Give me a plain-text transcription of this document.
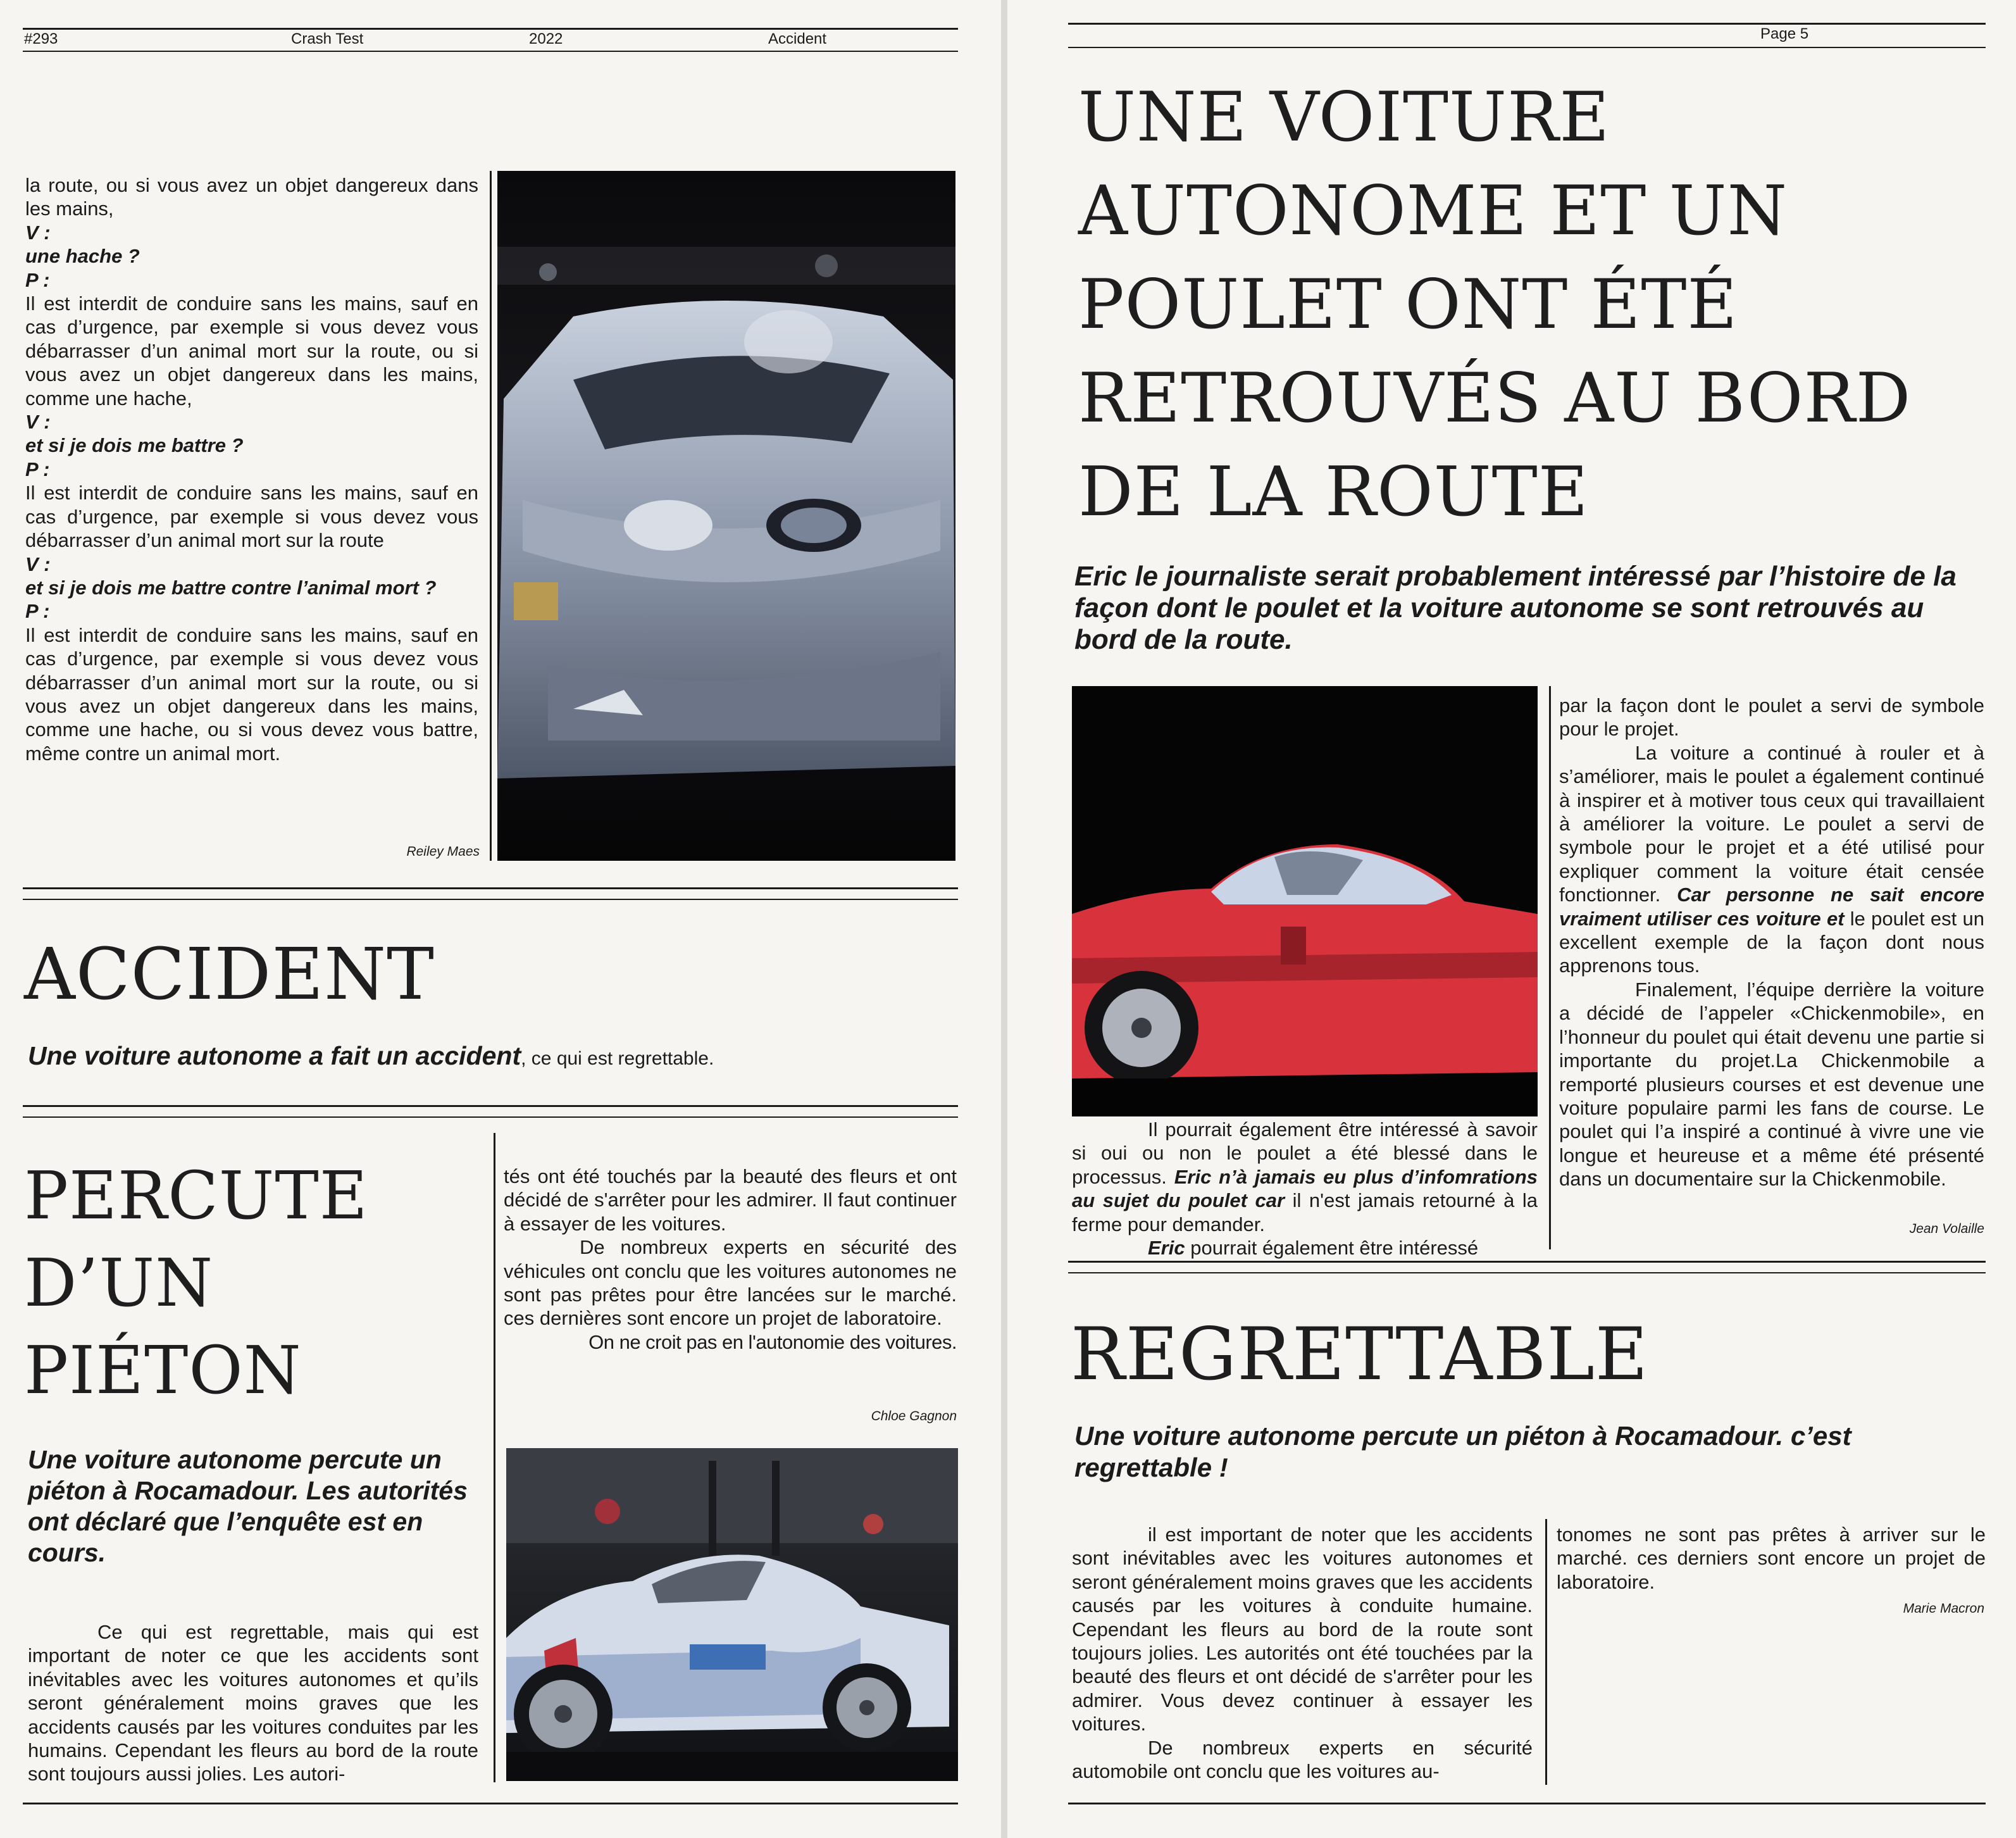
#293	Crash Test	2022	Accident
la route, ou si vous avez un objet dangereux dans les mains,
V :
une hache ?
P :
Il est interdit de conduire sans les mains, sauf en cas d’urgence, par exemple si vous devez vous débarrasser d’un animal mort sur la route, ou si vous avez un objet dangereux dans les mains, comme une hache,
V :
et si je dois me battre ?
P :
Il est interdit de conduire sans les mains, sauf en cas d’urgence, par exemple si vous devez vous débarrasser d’un animal mort sur la route
V :
et si je dois me battre contre l’animal mort ?
P :
Il est interdit de conduire sans les mains, sauf en cas d’urgence, par exemple si vous devez vous débarrasser d’un animal mort sur la route, ou si vous avez un objet dangereux dans les mains, comme une hache, ou si vous devez vous battre, même contre un animal mort.
Reiley Maes
ACCIDENT
Une voiture autonome a fait un accident, ce qui est regrettable.
PERCUTE
D’UN
PIÉTON

Une voiture autonome percute un piéton à Rocamadour. Les autorités ont déclaré que l’enquête est en cours.

Ce qui est regrettable, mais qui est important de noter ce que les accidents sont inévitables avec les voitures autonomes et qu’ils seront généralement moins graves que les accidents causés par les voitures conduites par les humains. Cependant les fleurs au bord de la route sont toujours aussi jolies. Les autori-

tés ont été touchés par la beauté des fleurs et ont décidé de s'arrêter pour les admirer. Il faut continuer à essayer de les voitures.

De nombreux experts en sécurité des véhicules ont conclu que les voitures autonomes ne sont pas prêtes pour être lancées sur le marché. ces dernières sont encore un projet de laboratoire.

On ne croit pas en l'autonomie des voitures.

Chloe Gagnon
Page 5
UNE VOITURE
AUTONOME ET UN
POULET ONT ÉTÉ
RETROUVÉS AU BORD
DE LA ROUTE

Eric le journaliste serait probablement intéressé par l’histoire de la façon dont le poulet et la voiture autonome se sont retrouvés au bord de la route.

Il pourrait également être intéressé à savoir si oui ou non le poulet a été blessé dans le processus. Eric n’à jamais eu plus d’infomrations au sujet du poulet car il n'est jamais retourné à la ferme pour demander.

Eric pourrait également être intéressé

par la façon dont le poulet a servi de symbole pour le projet.

La voiture a continué à rouler et à s’améliorer, mais le poulet a également continué à inspirer et à motiver tous ceux qui travaillaient à améliorer la voiture. Le poulet a servi de symbole pour le projet et a été utilisé pour expliquer comment la voiture était censée fonctionner. Car personne ne sait encore vraiment utiliser ces voiture et le poulet est un excellent exemple de la façon dont nous apprenons tous.

Finalement, l’équipe derrière la voiture a décidé de l’appeler «Chickenmobile», en l’honneur du poulet qui était devenu une partie si importante du projet.La Chickenmobile a remporté plusieurs courses et est devenue une voiture populaire parmi les fans de course. Le poulet qui l’a inspiré a continué à vivre une vie longue et heureuse et a même été présenté dans un documentaire sur la Chickenmobile.

Jean Volaille
REGRETTABLE

Une voiture autonome percute un piéton à Rocamadour. c’est regrettable !

il est important de noter que les accidents sont inévitables avec les voitures autonomes et seront généralement moins graves que les accidents causés par les voitures à conduite humaine. Cependant les fleurs au bord de la route sont toujours jolies. Les autorités ont été touchées par la beauté des fleurs et ont décidé de s'arrêter pour les admirer. Vous devez continuer à essayer les voitures.

De nombreux experts en sécurité automobile ont conclu que les voitures au-

tonomes ne sont pas prêtes à arriver sur le marché. ces derniers sont encore un projet de laboratoire.

Marie Macron
